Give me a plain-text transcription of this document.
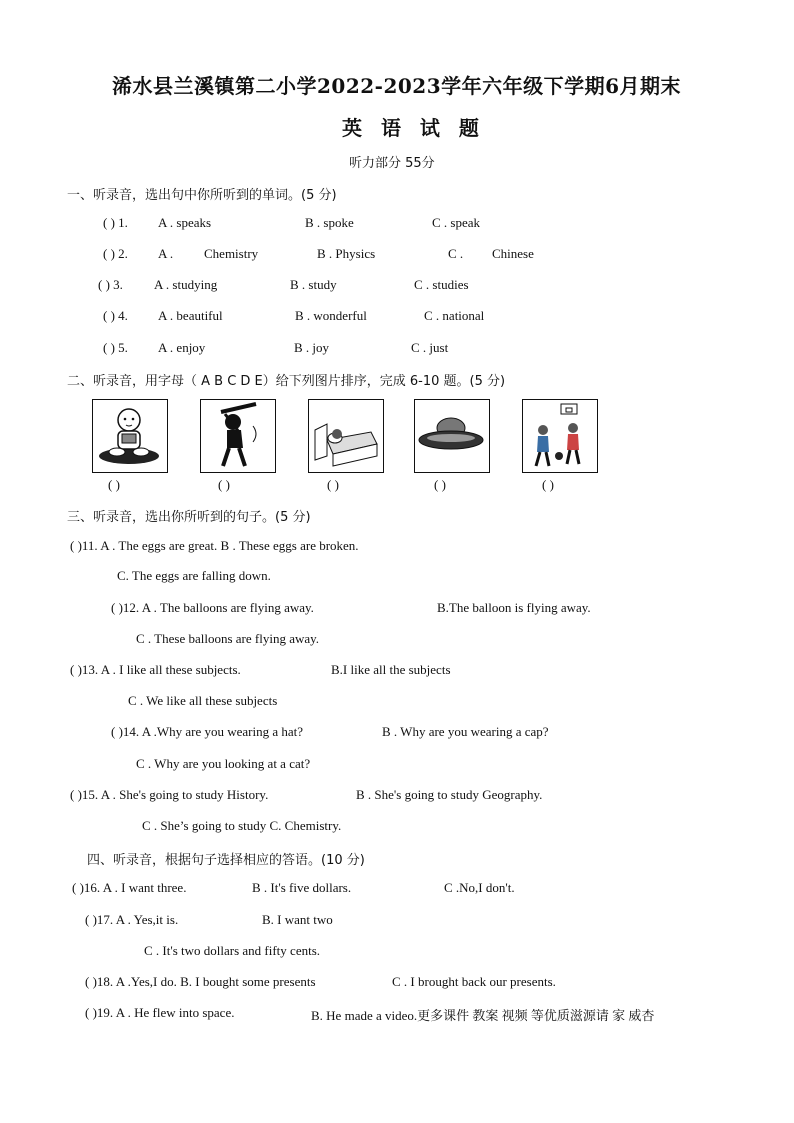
浠水县兰溪镇第二小学2022-2023学年六年级下学期6月期末
英 语 试 题
听力部分 55分
一、听录音，选出句中你所听到的单词。(5 分)
( ) 1. A . speaks	B . spoke	C . speak
( ) 2. A . Chemistry	B . Physics	C . Chinese
( ) 3. A . studying	B . study	C . studies
( ) 4. A . beautiful	B . wonderful	C . national
( ) 5. A . enjoy	B . joy	C . just
二、听录音，用字母（ A B C D E）给下列图片排序，完成 6-10 题。(5 分)
( )	( )	( )	( )	( )
三、听录音，选出你所听到的句子。(5 分)
( )11. A . The eggs are great. B . These eggs are broken.
C. The eggs are falling down.
( )12. A . The balloons are flying away.	B.The balloon is flying away.
C . These balloons are flying away.
( )13. A . I like all these subjects.	B.I like all the subjects
C . We like all these subjects
( )14. A .Why are you wearing a hat?	B . Why are you wearing a cap?
C . Why are you looking at a cat?
( )15. A . She's going to study History.	B . She's going to study Geography.
C . She’s going to study C. Chemistry.
四、听录音，根据句子选择相应的答语。(10 分)
( )16. A . I want three.	B . It's five dollars.	C .No,I don't.
( )17. A . Yes,it is.	B. I want two
C . It's two dollars and fifty cents.
( )18. A .Yes,I do. B. I bought some presents	C . I brought back our presents.
( )19. A . He flew into space.	B. He made a video.更多课件 教案 视频 等优质滋源请 家 威杏
